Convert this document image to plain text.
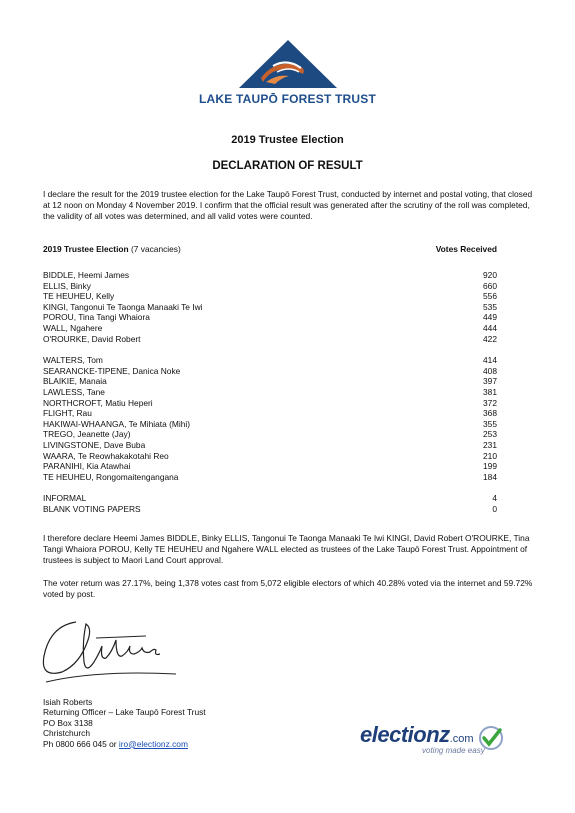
LAKE TAUPŌ FOREST TRUST
2019 Trustee Election
DECLARATION OF RESULT
I declare the result for the 2019 trustee election for the Lake Taupō Forest Trust, conducted by internet and postal voting, that closed at 12 noon on Monday 4 November 2019. I confirm that the official result was generated after the scrutiny of the roll was completed, the validity of all votes was determined, and all valid votes were counted.
2019 Trustee Election (7 vacancies)	Votes Received
BIDDLE, Heemi James	920
ELLIS, Binky	660
TE HEUHEU, Kelly	556
KINGI, Tangonui Te Taonga Manaaki Te Iwi	535
POROU, Tina Tangi Whaiora	449
WALL, Ngahere	444
O'ROURKE, David Robert	422
WALTERS, Tom	414
SEARANCKE-TIPENE, Danica Noke	408
BLAIKIE, Manaia	397
LAWLESS, Tane	381
NORTHCROFT, Matiu Heperi	372
FLIGHT, Rau	368
HAKIWAI-WHAANGA, Te Mihiata (Mihi)	355
TREGO, Jeanette (Jay)	253
LIVINGSTONE, Dave Buba	231
WAARA, Te Reowhakakotahi Reo	210
PARANIHI, Kia Atawhai	199
TE HEUHEU, Rongomaitengangana	184
INFORMAL	4
BLANK VOTING PAPERS	0
I therefore declare Heemi James BIDDLE, Binky ELLIS, Tangonui Te Taonga Manaaki Te Iwi KINGI, David Robert O'ROURKE, Tina Tangi Whaiora POROU, Kelly TE HEUHEU and Ngahere WALL elected as trustees of the Lake Taupō Forest Trust. Appointment of trustees is subject to Maori Land Court approval.
The voter return was 27.17%, being 1,378 votes cast from 5,072 eligible electors of which 40.28% voted via the internet and 59.72% voted by post.
Isiah Roberts
Returning Officer – Lake Taupō Forest Trust
PO Box 3138
Christchurch
Ph 0800 666 045 or iro@electionz.com	electionz.com
voting made easy
